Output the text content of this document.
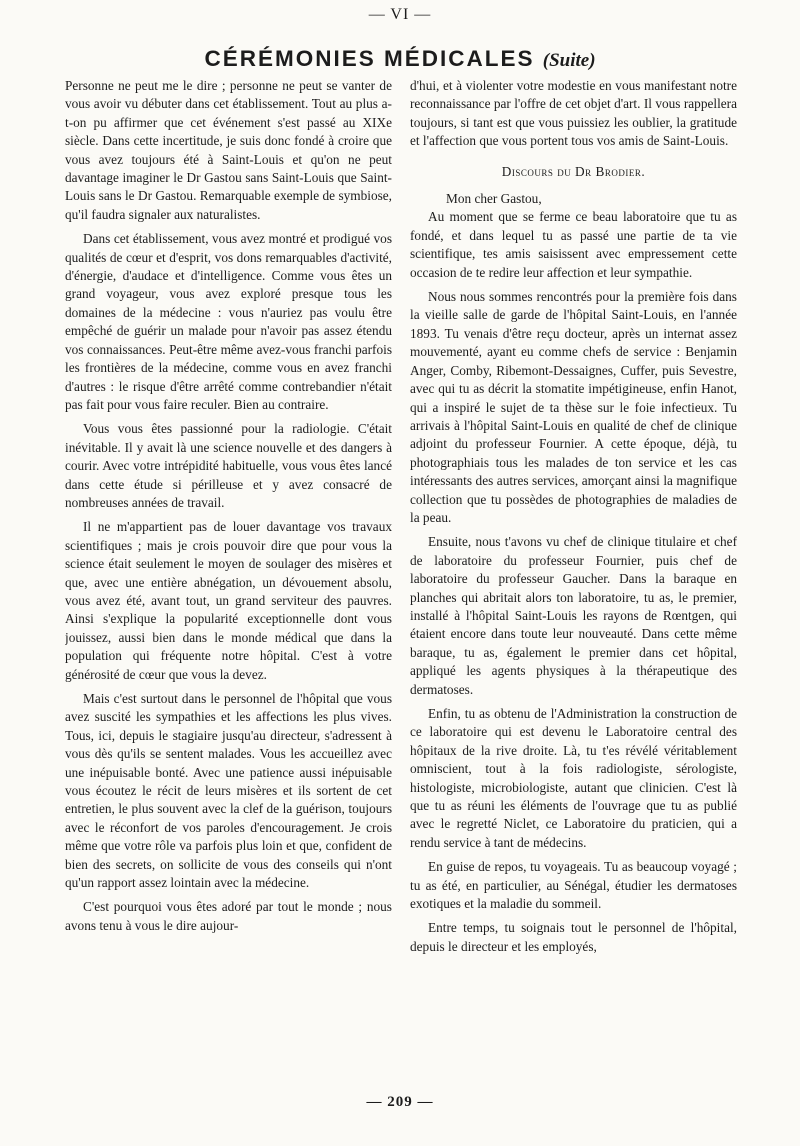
— VI —
CÉRÉMONIES MÉDICALES (Suite)

Personne ne peut me le dire ; personne ne peut se vanter de vous avoir vu débuter dans cet établissement. Tout au plus a-t-on pu affirmer que cet événement s'est passé au XIXe siècle. Dans cette incertitude, je suis donc fondé à croire que vous avez toujours été à Saint-Louis et qu'on ne peut davantage imaginer le Dr Gastou sans Saint-Louis que Saint-Louis sans le Dr Gastou. Remarquable exemple de symbiose, qu'il faudra signaler aux naturalistes.

Dans cet établissement, vous avez montré et prodigué vos qualités de cœur et d'esprit, vos dons remarquables d'activité, d'énergie, d'audace et d'intelligence. Comme vous êtes un grand voyageur, vous avez exploré presque tous les domaines de la médecine : vous n'auriez pas voulu être empêché de guérir un malade pour n'avoir pas assez étendu vos connaissances. Peut-être même avez-vous franchi parfois les frontières de la médecine, comme vous en avez franchi d'autres : le risque d'être arrêté comme contrebandier n'était pas fait pour vous faire reculer. Bien au contraire.

Vous vous êtes passionné pour la radiologie. C'était inévitable. Il y avait là une science nouvelle et des dangers à courir. Avec votre intrépidité habituelle, vous vous êtes lancé dans cette étude si périlleuse et y avez consacré de nombreuses années de travail.

Il ne m'appartient pas de louer davantage vos travaux scientifiques ; mais je crois pouvoir dire que pour vous la science était seulement le moyen de soulager des misères et que, avec une entière abnégation, un dévouement absolu, vous avez été, avant tout, un grand serviteur des pauvres. Ainsi s'explique la popularité exceptionnelle dont vous jouissez, aussi bien dans le monde médical que dans la population qui fréquente notre hôpital. C'est à votre générosité de cœur que vous la devez.

Mais c'est surtout dans le personnel de l'hôpital que vous avez suscité les sympathies et les affections les plus vives. Tous, ici, depuis le stagiaire jusqu'au directeur, s'adressent à vous dès qu'ils se sentent malades. Vous les accueillez avec une inépuisable bonté. Avec une patience aussi inépuisable vous écoutez le récit de leurs misères et ils sortent de cet entretien, le plus souvent avec la clef de la guérison, toujours avec le réconfort de vos paroles d'encouragement. Je crois même que votre rôle va parfois plus loin et que, confident de bien des secrets, on sollicite de vous des conseils qui n'ont qu'un rapport assez lointain avec la médecine.

C'est pourquoi vous êtes adoré par tout le monde ; nous avons tenu à vous le dire aujour-

d'hui, et à violenter votre modestie en vous manifestant notre reconnaissance par l'offre de cet objet d'art. Il vous rappellera toujours, si tant est que vous puissiez les oublier, la gratitude et l'affection que vous portent tous vos amis de Saint-Louis.

Discours du Dr Brodier.

Mon cher Gastou,

Au moment que se ferme ce beau laboratoire que tu as fondé, et dans lequel tu as passé une partie de ta vie scientifique, tes amis saisissent avec empressement cette occasion de te redire leur affection et leur sympathie.

Nous nous sommes rencontrés pour la première fois dans la vieille salle de garde de l'hôpital Saint-Louis, en l'année 1893. Tu venais d'être reçu docteur, après un internat assez mouvementé, ayant eu comme chefs de service : Benjamin Anger, Comby, Ribemont-Dessaignes, Cuffer, puis Sevestre, avec qui tu as décrit la stomatite impétigineuse, enfin Hanot, qui a inspiré le sujet de ta thèse sur le foie infectieux. Tu arrivais à l'hôpital Saint-Louis en qualité de chef de clinique adjoint du professeur Fournier. A cette époque, déjà, tu photographiais tous les malades de ton service et les cas intéressants des autres services, amorçant ainsi la magnifique collection que tu possèdes de photographies de maladies de la peau.

Ensuite, nous t'avons vu chef de clinique titulaire et chef de laboratoire du professeur Fournier, puis chef de laboratoire du professeur Gaucher. Dans la baraque en planches qui abritait alors ton laboratoire, tu as, le premier, installé à l'hôpital Saint-Louis les rayons de Rœntgen, qui étaient encore dans toute leur nouveauté. Dans cette même baraque, tu as, également le premier dans cet hôpital, appliqué les agents physiques à la thérapeutique des dermatoses.

Enfin, tu as obtenu de l'Administration la construction de ce laboratoire qui est devenu le Laboratoire central des hôpitaux de la rive droite. Là, tu t'es révélé véritablement omniscient, tout à la fois radiologiste, sérologiste, histologiste, microbiologiste, autant que clinicien. C'est là que tu as réuni les éléments de l'ouvrage que tu as publié avec le regretté Niclet, ce Laboratoire du praticien, qui a rendu service à tant de médecins.

En guise de repos, tu voyageais. Tu as beaucoup voyagé ; tu as été, en particulier, au Sénégal, étudier les dermatoses exotiques et la maladie du sommeil.

Entre temps, tu soignais tout le personnel de l'hôpital, depuis le directeur et les employés,

— 209 —
